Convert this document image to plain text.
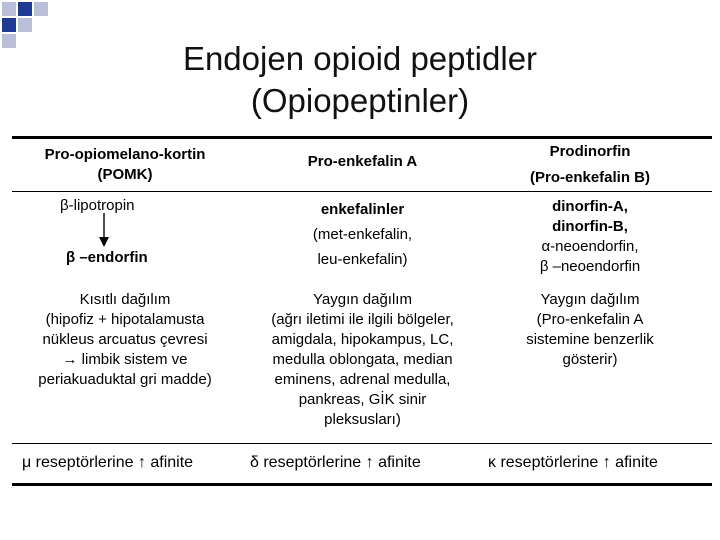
Endojen opioid peptidler
(Opiopeptinler)
Pro-opiomelano-kortin
(POMK)
Pro-enkefalin A
Prodinorfin
(Pro-enkefalin B)
β-lipotropin
β –endorfin
enkefalinler
(met-enkefalin,
leu-enkefalin)
dinorfin-A,
dinorfin-B,
α-neoendorfin,
β –neoendorfin
Kısıtlı dağılım
(hipofiz + hipotalamusta
nükleus arcuatus çevresi
→ limbik sistem ve
periakuaduktal gri madde)
Yaygın dağılım
(ağrı iletimi ile ilgili bölgeler,
amigdala, hipokampus, LC,
medulla oblongata, median
eminens, adrenal medulla,
pankreas, GİK sinir
pleksusları)
Yaygın dağılım
(Pro-enkefalin A
sistemine benzerlik
gösterir)
μ reseptörlerine ↑ afinite	δ reseptörlerine ↑ afinite	κ reseptörlerine ↑ afinite
